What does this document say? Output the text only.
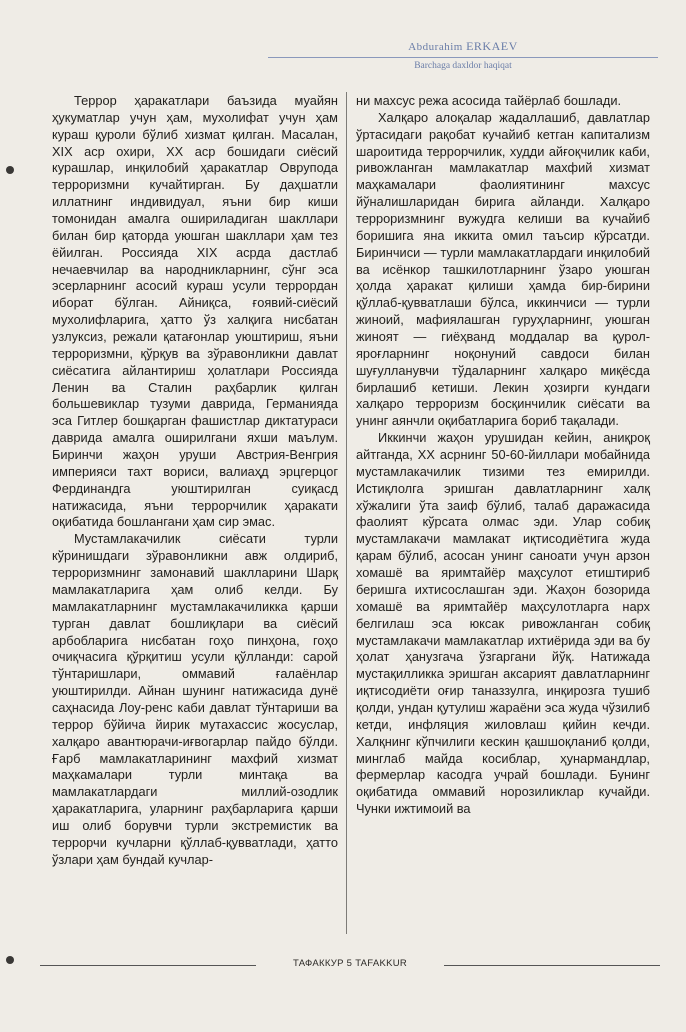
Abdurahim ERKAEV
Barchaga daxldor haqiqat

Террор ҳаракатлари баъзида муайян ҳукуматлар учун ҳам, мухолифат учун ҳам кураш қуроли бўлиб хизмат қилган. Масалан, XIX аср охири, XX аср бошидаги сиёсий курашлар, инқилобий ҳаракатлар Оврупода терроризмни кучайтирган. Бу даҳшатли иллатнинг индивидуал, яъни бир киши томонидан амалга ошириладиган шакллари билан бир қаторда уюшган шакллари ҳам тез ёйилган. Россияда XIX асрда дастлаб нечаевчилар ва народникларнинг, сўнг эса эсерларнинг асосий кураш усули террордан иборат бўлган. Айниқса, ғоявий-сиёсий мухолифларига, ҳатто ўз халқига нисбатан узлуксиз, режали қатағонлар уюштириш, яъни терроризмни, қўрқув ва зўравонликни давлат сиёсатига айлантириш ҳолатлари Россияда Ленин ва Сталин раҳбарлик қилган большевиклар тузуми даврида, Германияда эса Гитлер бошқарган фашистлар диктатураси даврида амалга оширилгани яхши маълум. Биринчи жаҳон уруши Австрия-Венгрия империяси тахт вориси, валиаҳд эрцгерцог Фердинандга уюштирилган суиқасд натижасида, яъни террорчилик ҳаракати оқибатида бошлангани ҳам сир эмас.

Мустамлакачилик сиёсати турли кўринишдаги зўравонликни авж олдириб, терроризмнинг замонавий шаклларини Шарқ мамлакатларига ҳам олиб келди. Бу мамлакатларнинг мустамлакачиликка қарши турган давлат бошлиқлари ва сиёсий арбобларига нисбатан гоҳо пинҳона, гоҳо очиқчасига қўрқитиш усули қўлланди: сарой тўнтаришлари, оммавий ғалаёнлар уюштирилди. Айнан шунинг натижасида дунё саҳнасида Лоу-ренс каби давлат тўнтариши ва террор бўйича йирик мутахассис жосуслар, халқаро авантюрачи-иғвогарлар пайдо бўлди. Ғарб мамлакатларининг махфий хизмат маҳкамалари турли минтақа ва мамлакатлардаги миллий-озодлик ҳаракатларига, уларнинг раҳбарларига қарши иш олиб борувчи турли экстремистик ва террорчи кучларни қўллаб-қувватлади, ҳатто ўзлари ҳам бундай кучлар-

ни махсус режа асосида тайёрлаб бошлади.

Халқаро алоқалар жадаллашиб, давлатлар ўртасидаги рақобат кучайиб кетган капитализм шароитида террорчилик, худди айғоқчилик каби, ривожланган мамлакатлар махфий хизмат маҳкамалари фаолиятининг махсус йўналишларидан бирига айланди. Халқаро терроризмнинг вужудга келиши ва кучайиб боришига яна иккита омил таъсир кўрсатди. Биринчиси — турли мамлакатлардаги инқилобий ва исёнкор ташкилотларнинг ўзаро уюшган ҳолда ҳаракат қилиши ҳамда бир-бирини қўллаб-қувватлаши бўлса, иккинчиси — турли жиноий, мафиялашган гуруҳларнинг, уюшган жиноят — гиёҳванд моддалар ва қурол-яроғларнинг ноқонуний савдоси билан шуғулланувчи тўдаларнинг халқаро миқёсда бирлашиб кетиши. Лекин ҳозирги кундаги халқаро терроризм босқинчилик сиёсати ва унинг аянчли оқибатларига бориб тақалади.

Иккинчи жаҳон урушидан кейин, аниқроқ айтганда, XX асрнинг 50-60-йиллари мобайнида мустамлакачилик тизими тез емирилди. Истиқлолга эришган давлатларнинг халқ хўжалиги ўта заиф бўлиб, талаб даражасида фаолият кўрсата олмас эди. Улар собиқ мустамлакачи мамлакат иқтисодиётига жуда қарам бўлиб, асосан унинг саноати учун арзон хомашё ва яримтайёр маҳсулот етиштириб беришга ихтисослашган эди. Жаҳон бозорида хомашё ва яримтайёр маҳсулотларга нарх белгилаш эса юксак ривожланган собиқ мустамлакачи мамлакатлар ихтиёрида эди ва бу ҳолат ҳанузгача ўзгаргани йўқ. Натижада мустақилликка эришган аксарият давлатларнинг иқтисодиёти оғир таназзулга, инқирозга тушиб қолди, ундан қутулиш жараёни эса жуда чўзилиб кетди, инфляция жиловлаш қийин кечди. Халқнинг кўпчилиги кескин қашшоқланиб қолди, минглаб майда косиблар, ҳунармандлар, фермерлар касодга учрай бошлади. Бунинг оқибатида оммавий норозиликлар кучайди. Чунки ижтимоий ва

ТАФАККУР 5 TAFAKKUR
